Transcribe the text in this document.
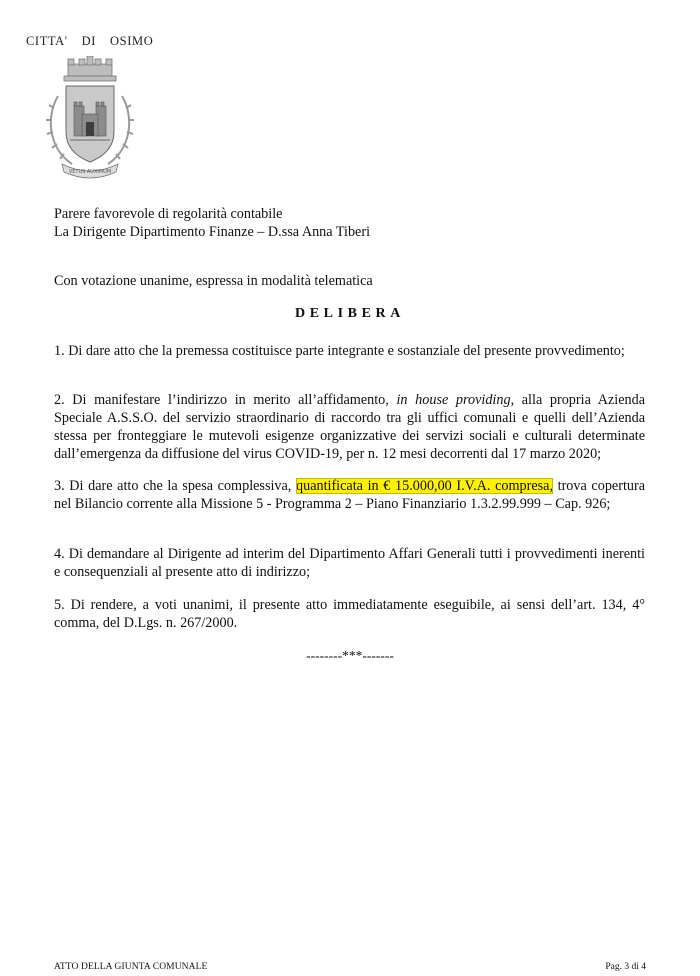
CITTA' DI OSIMO
VETUS AUXIMUM
Parere favorevole di regolarità contabile
La Dirigente Dipartimento Finanze – D.ssa Anna Tiberi
Con votazione unanime, espressa in modalità telematica
DELIBERA
1. Di dare atto che la premessa costituisce parte integrante e sostanziale del presente provvedimento;
2. Di manifestare l’indirizzo in merito all’affidamento, in house providing, alla propria Azienda Speciale A.S.S.O. del servizio straordinario di raccordo tra gli uffici comunali e quelli dell’Azienda stessa per fronteggiare le mutevoli esigenze organizzative dei servizi sociali e culturali determinate dall’emergenza da diffusione del virus COVID-19, per n. 12 mesi decorrenti dal 17 marzo 2020;
3. Di dare atto che la spesa complessiva, quantificata in € 15.000,00 I.V.A. compresa, trova copertura nel Bilancio corrente alla Missione 5 - Programma 2 – Piano Finanziario 1.3.2.99.999 – Cap. 926;
4. Di demandare al Dirigente ad interim del Dipartimento Affari Generali tutti i provvedimenti inerenti e consequenziali al presente atto di indirizzo;
5. Di rendere, a voti unanimi, il presente atto immediatamente eseguibile, ai sensi dell’art. 134, 4° comma, del D.Lgs. n. 267/2000.
--------***-------
ATTO DELLA GIUNTA COMUNALE	Pag. 3 di 4
